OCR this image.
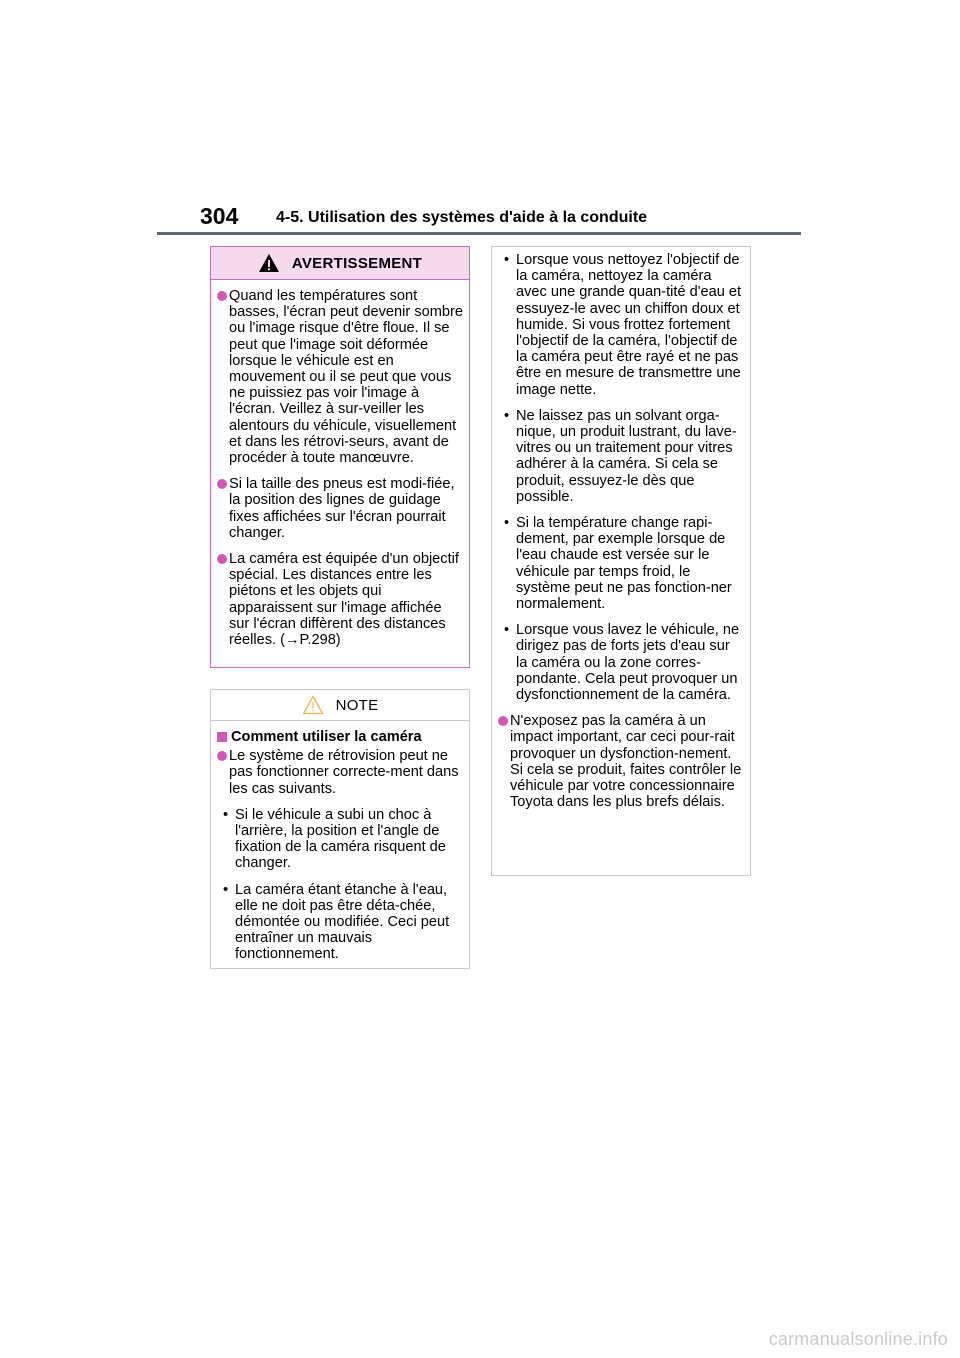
304 4-5. Utilisation des systèmes d'aide à la conduite
AVERTISSEMENT

Quand les températures sont basses, l'écran peut devenir sombre ou l'image risque d'être floue. Il se peut que l'image soit déformée lorsque le véhicule est en mouvement ou il se peut que vous ne puissiez pas voir l'image à l'écran. Veillez à sur-veiller les alentours du véhicule, visuellement et dans les rétrovi-seurs, avant de procéder à toute manœuvre.

Si la taille des pneus est modi-fiée, la position des lignes de guidage fixes affichées sur l'écran pourrait changer.

La caméra est équipée d'un objectif spécial. Les distances entre les piétons et les objets qui apparaissent sur l'image affichée sur l'écran diffèrent des distances réelles. (→P.298)

NOTE

Comment utiliser la caméra

Le système de rétrovision peut ne pas fonctionner correcte-ment dans les cas suivants.

• Si le véhicule a subi un choc à l'arrière, la position et l'angle de fixation de la caméra risquent de changer.

• La caméra étant étanche à l'eau, elle ne doit pas être déta-chée, démontée ou modifiée. Ceci peut entraîner un mauvais fonctionnement.

• Lorsque vous nettoyez l'objectif de la caméra, nettoyez la caméra avec une grande quan-tité d'eau et essuyez-le avec un chiffon doux et humide. Si vous frottez fortement l'objectif de la caméra, l'objectif de la caméra peut être rayé et ne pas être en mesure de transmettre une image nette.

• Ne laissez pas un solvant orga-nique, un produit lustrant, du lave-vitres ou un traitement pour vitres adhérer à la caméra. Si cela se produit, essuyez-le dès que possible.

• Si la température change rapi-dement, par exemple lorsque de l'eau chaude est versée sur le véhicule par temps froid, le système peut ne pas fonction-ner normalement.

• Lorsque vous lavez le véhicule, ne dirigez pas de forts jets d'eau sur la caméra ou la zone corres-pondante. Cela peut provoquer un dysfonctionnement de la caméra.

N'exposez pas la caméra à un impact important, car ceci pour-rait provoquer un dysfonction-nement. Si cela se produit, faites contrôler le véhicule par votre concessionnaire Toyota dans les plus brefs délais.

carmanualsonline.info
